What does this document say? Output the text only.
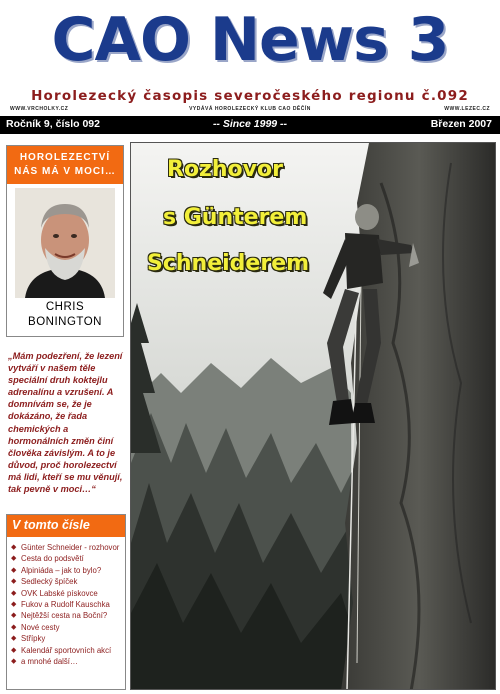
CAO News 3
Horolezecký časopis severočeského regionu č.092
WWW.VRCHOLKY.CZ	VYDÁVÁ HOROLEZECKÝ KLUB CAO DĚČÍN	WWW.LEZEC.CZ
Ročník 9, číslo 092	-- Since 1999 --	Březen 2007
HOROLEZECTVÍ
NÁS MÁ V MOCI…
CHRIS
BONINGTON
„Mám podezření, že lezení vytváří v našem těle speciální druh koktejlu adrenalínu a vzrušení. A domnívám se, že je dokázáno, že řada chemických a hormonálních změn činí člověka závislým. A to je důvod, proč horolezectví má lidi, kteří se mu věnují, tak pevně v moci…“
V tomto čísle
◆ Günter Schneider - rozhovor
◆ Cesta do podsvětí
◆ Alpiniáda – jak to bylo?
◆ Sedlecký špíček
◆ OVK Labské pískovce
◆ Fukov a Rudolf Kauschka
◆ Nejtěžší cesta na Boční?
◆ Nové cesty
◆ Střípky
◆ Kalendář sportovních akcí
◆ a mnohé další…
Rozhovor
s Günterem
Schneiderem
